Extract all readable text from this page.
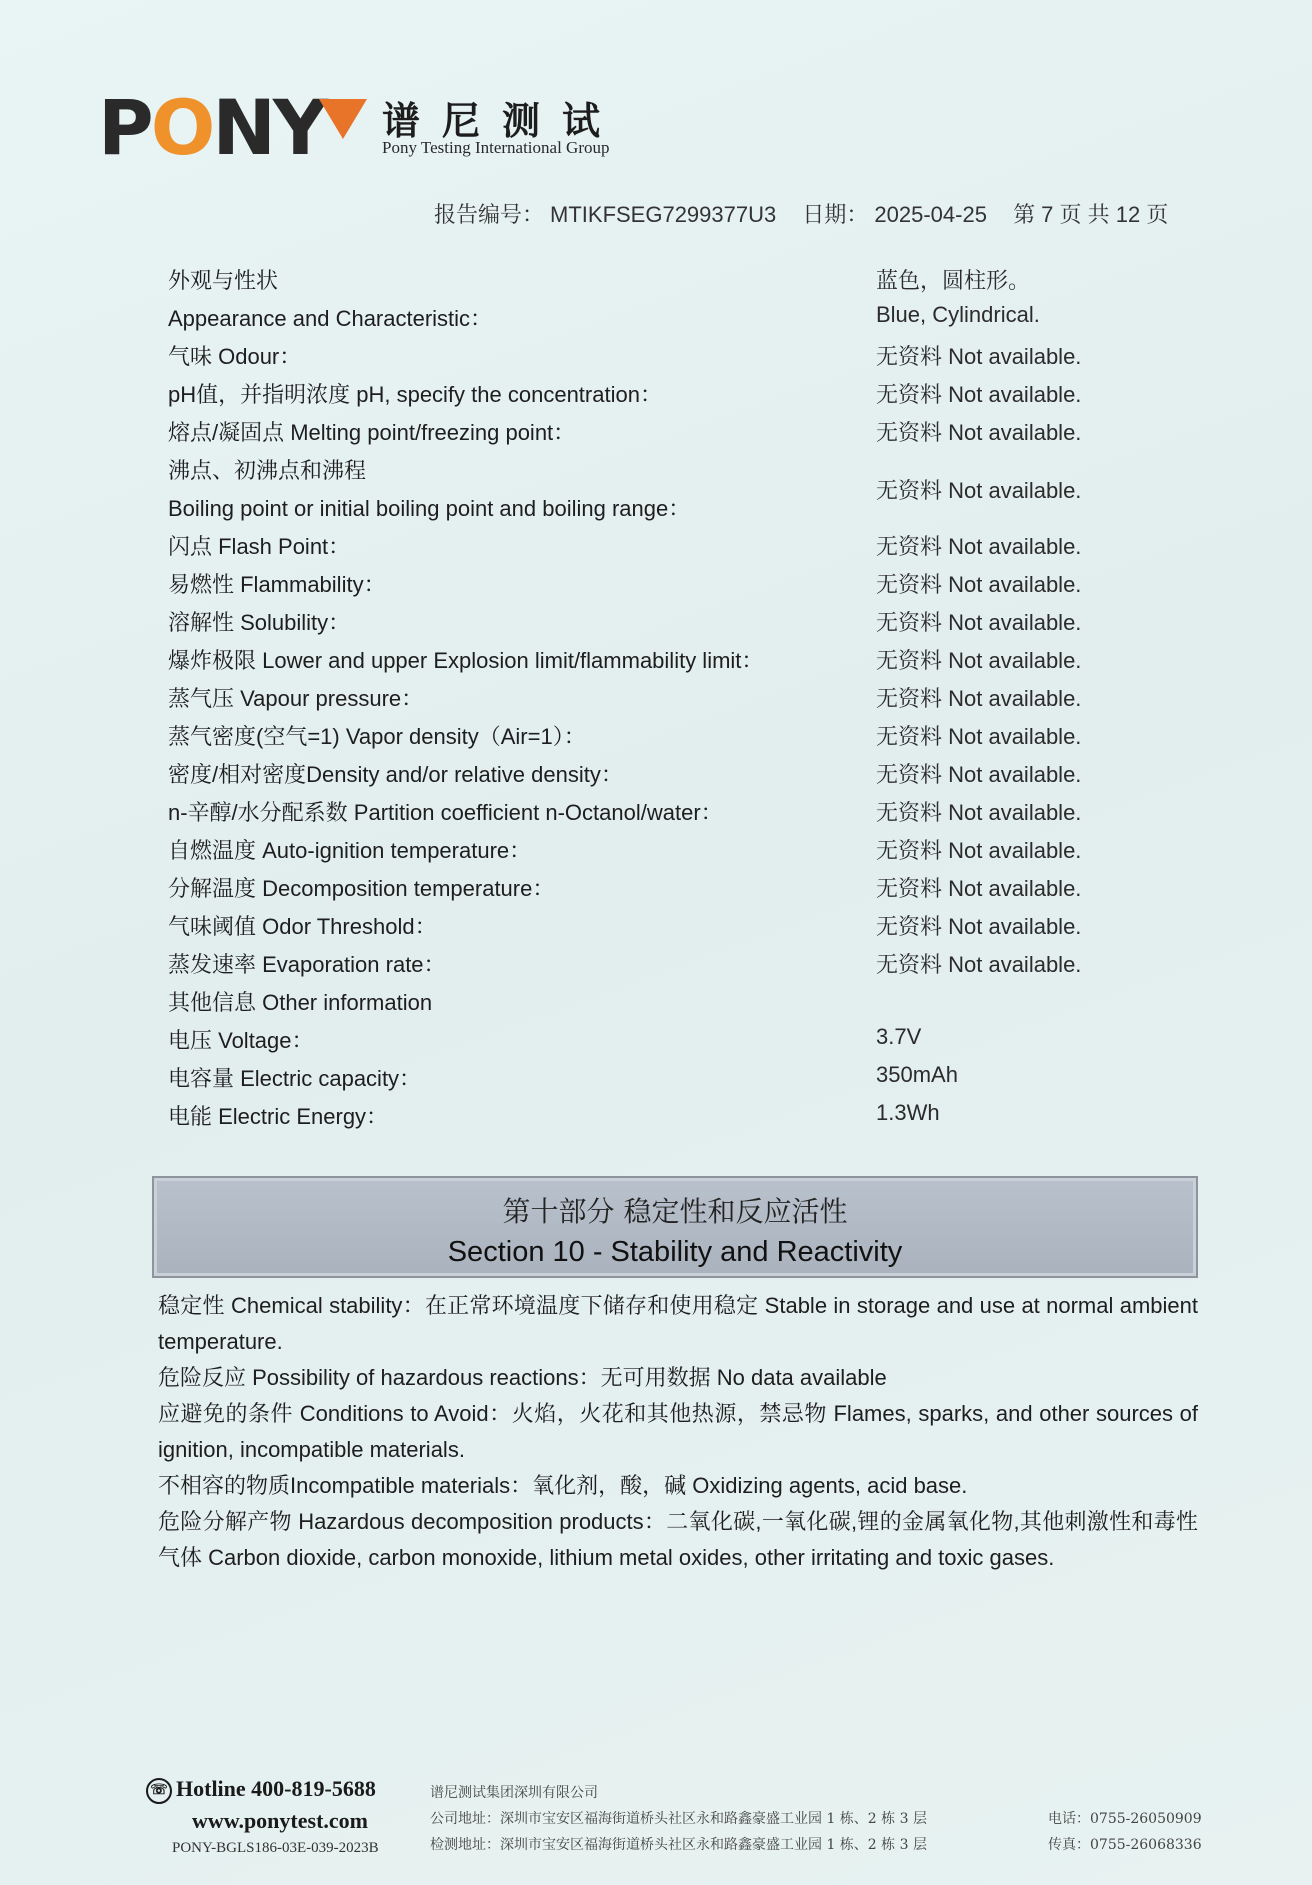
P O NY 谱尼测试
Pony Testing International Group
报告编号： MTIKFSEG7299377U3 日期： 2025-04-25 第 7 页 共 12 页
外观与性状	蓝色，圆柱形。
Appearance and Characteristic：	Blue, Cylindrical.
气味 Odour：	无资料 Not available.
pH值，并指明浓度 pH, specify the concentration：	无资料 Not available.
熔点/凝固点 Melting point/freezing point：	无资料 Not available.
沸点、初沸点和沸程
Boiling point or initial boiling point and boiling range：
无资料 Not available.
闪点 Flash Point：	无资料 Not available.
易燃性 Flammability：	无资料 Not available.
溶解性 Solubility：	无资料 Not available.
爆炸极限 Lower and upper Explosion limit/flammability limit：	无资料 Not available.
蒸气压 Vapour pressure：	无资料 Not available.
蒸气密度(空气=1) Vapor density（Air=1）：	无资料 Not available.
密度/相对密度Density and/or relative density：	无资料 Not available.
n-辛醇/水分配系数 Partition coefficient n-Octanol/water：	无资料 Not available.
自燃温度 Auto-ignition temperature：	无资料 Not available.
分解温度 Decomposition temperature：	无资料 Not available.
气味阈值 Odor Threshold：	无资料 Not available.
蒸发速率 Evaporation rate：	无资料 Not available.
其他信息 Other information
电压 Voltage：	3.7V
电容量 Electric capacity：	350mAh
电能 Electric Energy：	1.3Wh
第十部分 稳定性和反应活性
Section 10 - Stability and Reactivity

稳定性 Chemical stability：在正常环境温度下储存和使用稳定 Stable in storage and use at normal ambient temperature.

危险反应 Possibility of hazardous reactions：无可用数据 No data available

应避免的条件 Conditions to Avoid：火焰，火花和其他热源，禁忌物 Flames, sparks, and other sources of ignition, incompatible materials.

不相容的物质Incompatible materials：氧化剂，酸，碱 Oxidizing agents, acid base.

危险分解产物 Hazardous decomposition products：二氧化碳,一氧化碳,锂的金属氧化物,其他刺激性和毒性气体 Carbon dioxide, carbon monoxide, lithium metal oxides, other irritating and toxic gases.

☏ Hotline 400-819-5688
www.ponytest.com
PONY-BGLS186-03E-039-2023B
谱尼测试集团深圳有限公司
公司地址：深圳市宝安区福海街道桥头社区永和路鑫豪盛工业园 1 栋、2 栋 3 层
检测地址：深圳市宝安区福海街道桥头社区永和路鑫豪盛工业园 1 栋、2 栋 3 层
电话：0755-26050909
传真：0755-26068336
